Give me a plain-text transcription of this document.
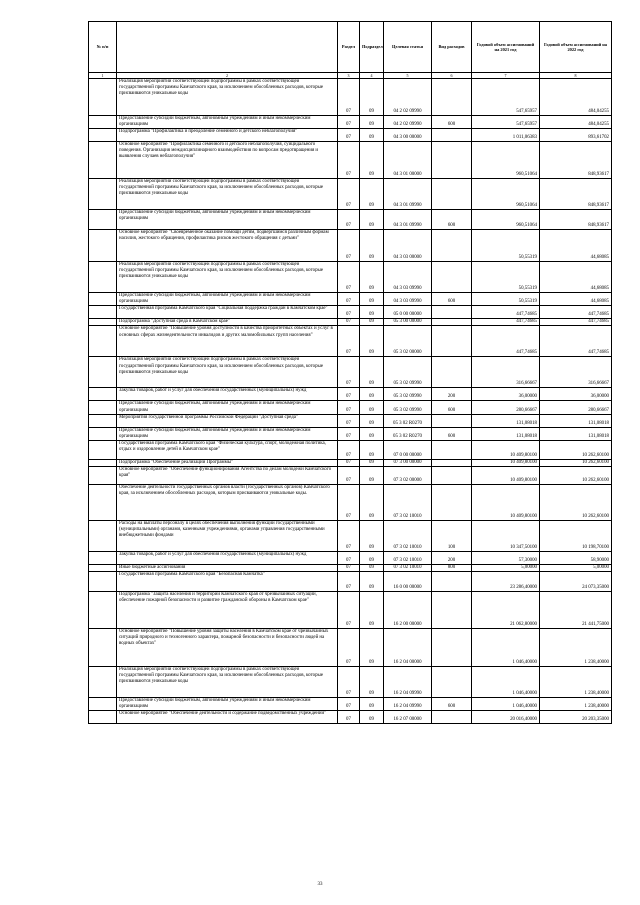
№ п/п		Раздел	Подраздел	Целевая статья	Вид расходов	Годовой объем ассигнований на 2021 год	Годовой объем ассигнований на 2022 год
1	2	3	4	5	6	7	8
	Реализация мероприятий соответствующей подпрограммы в рамках соответствующей государственной программы Камчатского края, за исключением обособленных расходов, которые присваиваются уникальные коды	07	09	04 2 02 09990		547,65957	484,04255
	Предоставление субсидий бюджетным, автономным учреждениям и иным некоммерческим организациям	07	09	04 2 02 09990	600	547,65957	484,04255
	Подпрограмма "Профилактика и преодоление семейного и детского неблагополучия"	07	09	04 3 00 00000		1 011,06383	893,61702
	Основное мероприятие "Профилактика семейного и детского неблагополучия, суицидального поведения. Организация междисциплинарного взаимодействия по вопросам предотвращения и выявления случаев неблагополучия"	07	09	04 3 01 00000		960,51064	848,93617
	Реализация мероприятий соответствующей подпрограммы в рамках соответствующей государственной программы Камчатского края, за исключением обособленных расходов, которые присваиваются уникальные коды	07	09	04 3 01 09990		960,51064	848,93617
	Предоставление субсидий бюджетным, автономным учреждениям и иным некоммерческим организациям	07	09	04 3 01 09990	600	960,51064	848,93617
	Основное мероприятие "Своевременное оказание помощи детям, подвергшимся различным формам насилия, жестокого обращения, профилактика рисков жестокого обращения с детьми"	07	09	04 3 03 00000		50,55319	44,68085
	Реализация мероприятий соответствующей подпрограммы в рамках соответствующей государственной программы Камчатского края, за исключением обособленных расходов, которые присваиваются уникальные коды	07	09	04 3 03 09990		50,55319	44,68085
	Предоставление субсидий бюджетным, автономным учреждениям и иным некоммерческим организациям	07	09	04 3 03 09990	600	50,55319	44,68085
	Государственная программа Камчатского края "Социальная поддержка граждан в Камчатском крае"	07	09	05 0 00 00000		447,74685	447,74685
	Подпрограмма "Доступная среда в Камчатском крае"	07	09	05 3 00 00000		447,74685	447,74685
	Основное мероприятие "Повышение уровня доступности в качества приоритетных объектах и услуг в основных сферах жизнедеятельности инвалидов и других маломобильных групп населения"	07	09	05 3 02 00000		447,74685	447,74685
	Реализация мероприятий соответствующей подпрограммы в рамках соответствующей государственной программы Камчатского края, за исключением обособленных расходов, которые присваиваются уникальные коды	07	09	05 3 02 09990		316,66667	316,66667
	Закупка товаров, работ и услуг для обеспечения государственных (муниципальных) нужд	07	09	05 3 02 09990	200	36,00000	36,00000
	Предоставление субсидий бюджетным, автономным учреждениям и иным некоммерческим организациям	07	09	05 3 02 09990	600	280,66667	280,66667
	Мероприятия государственной программы Российской Федерации "Доступная среда"	07	09	05 3 02 R0270		131,08018	131,08018
	Предоставление субсидий бюджетным, автономным учреждениям и иным некоммерческим организациям	07	09	05 3 02 R0270	600	131,08018	131,08018
	Государственная программа Камчатского края "Физическая культура, спорт, молодежная политика, отдых и оздоровление детей в Камчатском крае"	07	09	07 0 00 00000		10 409,80100	10 262,60100
	Подпрограмма "Обеспечение реализации Программы"	07	09	07 3 00 00000		10 409,80100	10 262,60100
	Основное мероприятие "Обеспечение функционирования Агентства по делам молодежи Камчатского края"	07	09	07 3 02 00000		10 409,80100	10 262,60100
	Обеспечение деятельности государственных органов власти (государственных органов) Камчатского края, за исключением обособленных расходов, которым присваиваются уникальные коды.	07	09	07 3 02 10010		10 409,80100	10 262,60100
	Расходы на выплаты персоналу в целях обеспечения выполнения функций государственными (муниципальными) органами, казенными учреждениями, органами управления государственными внебюджетными фондами	07	09	07 3 02 10010	100	10 347,50100	10 198,70100
	Закупка товаров, работ и услуг для обеспечения государственных (муниципальных) нужд	07	09	07 3 02 10010	200	57,30000	58,90000
	Иные бюджетные ассигнования	07	09	07 3 02 10010	800	5,00000	5,00000
	Государственная программа Камчатского края "Безопасная Камчатка"	07	09	16 0 00 00000		23 286,40000	24 073,35000
	Подпрограмма "Защита населения и территорий Камчатского края от чрезвычайных ситуаций, обеспечение пожарной безопасности и развитие гражданской обороны в Камчатском крае"	07	09	16 2 00 00000		21 062,80000	21 441,75000
	Основное мероприятие "Повышение уровня защиты населения в Камчатском крае от чрезвычайных ситуаций природного и техногенного характера, пожарной безопасности и безопасности людей на водных объектах"	07	09	16 2 04 00000		1 046,40000	1 238,40000
	Реализация мероприятий соответствующей подпрограммы в рамках соответствующей государственной программы Камчатского края, за исключением обособленных расходов, которые присваиваются уникальные коды	07	09	16 2 04 09990		1 046,40000	1 238,40000
	Предоставление субсидий бюджетным, автономным учреждениям и иным некоммерческим организациям	07	09	16 2 04 09990	600	1 046,40000	1 238,40000
	Основное мероприятие "Обеспечение деятельности и содержание подведомственных учреждений"	07	09	16 2 07 00000		20 016,40000	20 203,35000
33
